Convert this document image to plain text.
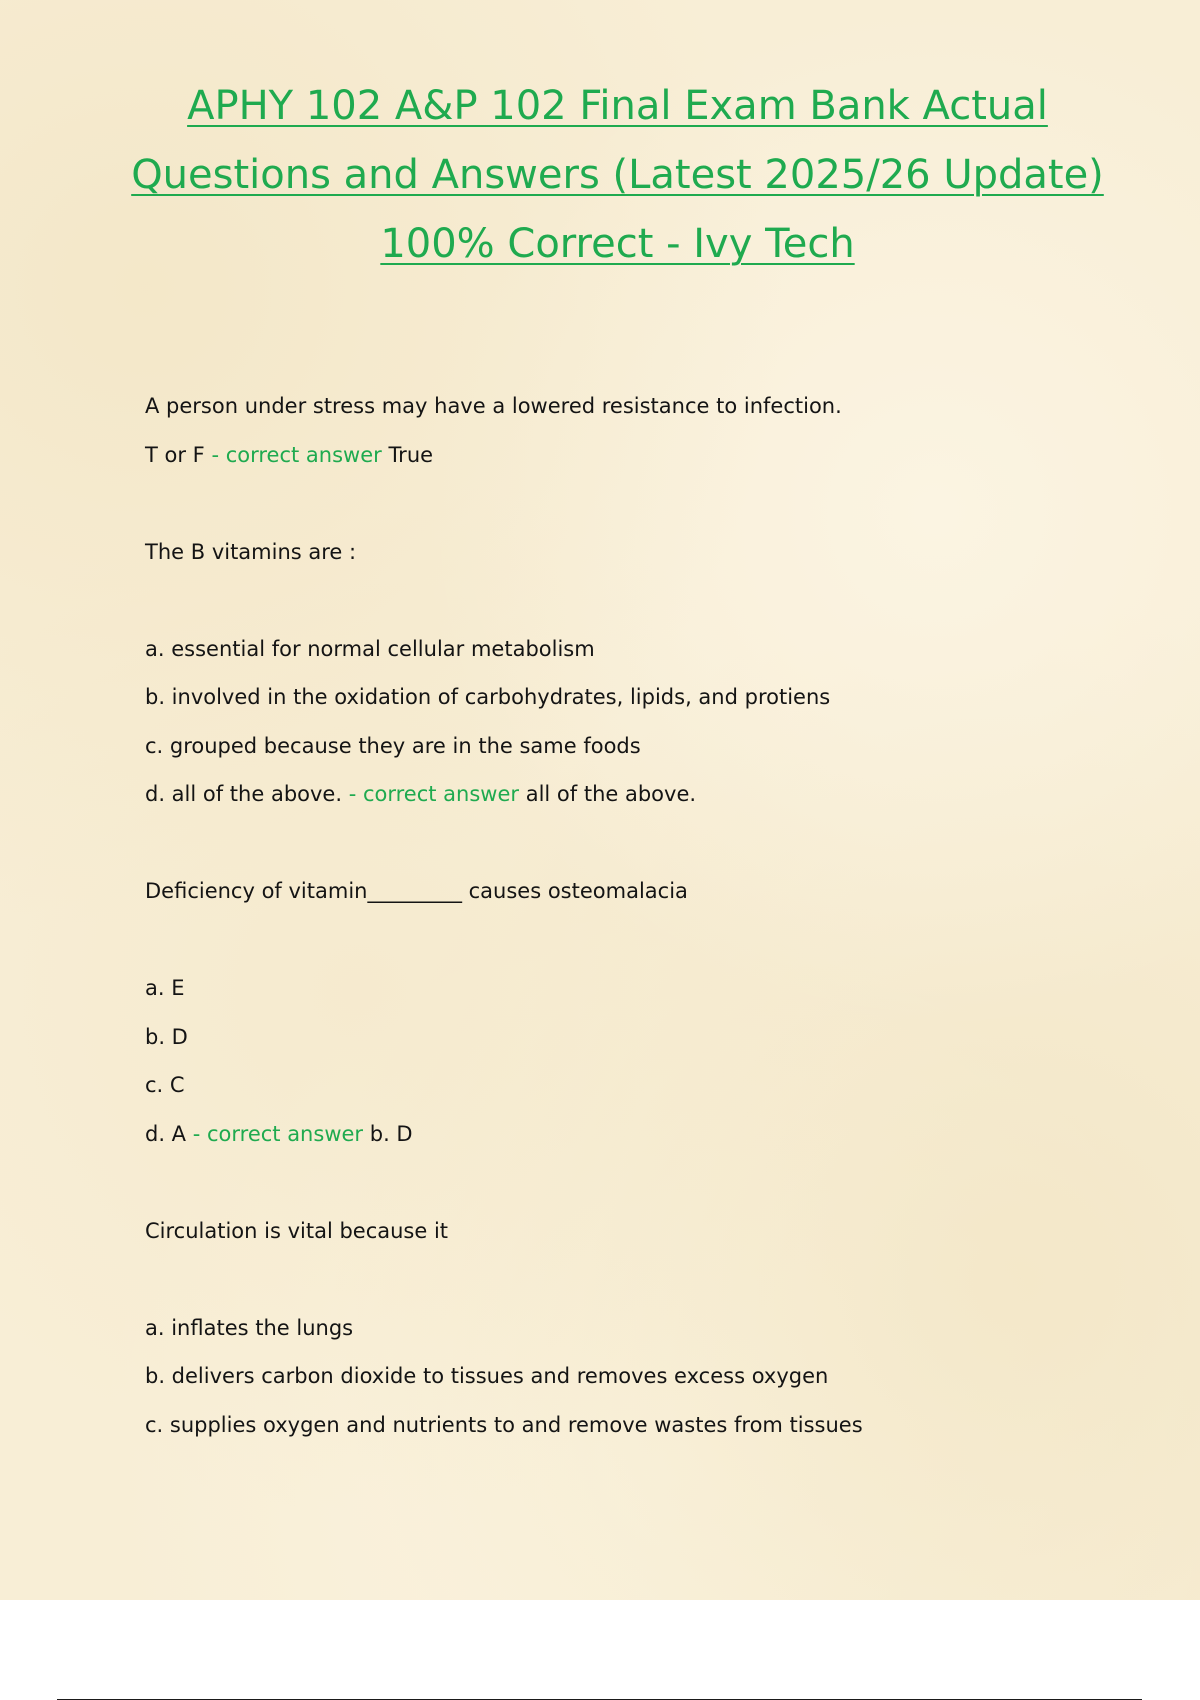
APHY 102 A&P 102 Final Exam Bank Actual Questions and Answers (Latest 2025/26 Update) 100% Correct - Ivy Tech
A person under stress may have a lowered resistance to infection.
T or F - correct answer True
The B vitamins are :
a. essential for normal cellular metabolism
b. involved in the oxidation of carbohydrates, lipids, and protiens
c. grouped because they are in the same foods
d. all of the above. - correct answer all of the above.
Deficiency of vitamin_________ causes osteomalacia
a. E
b. D
c. C
d. A - correct answer b. D
Circulation is vital because it
a. inflates the lungs
b. delivers carbon dioxide to tissues and removes excess oxygen
c. supplies oxygen and nutrients to and remove wastes from tissues
